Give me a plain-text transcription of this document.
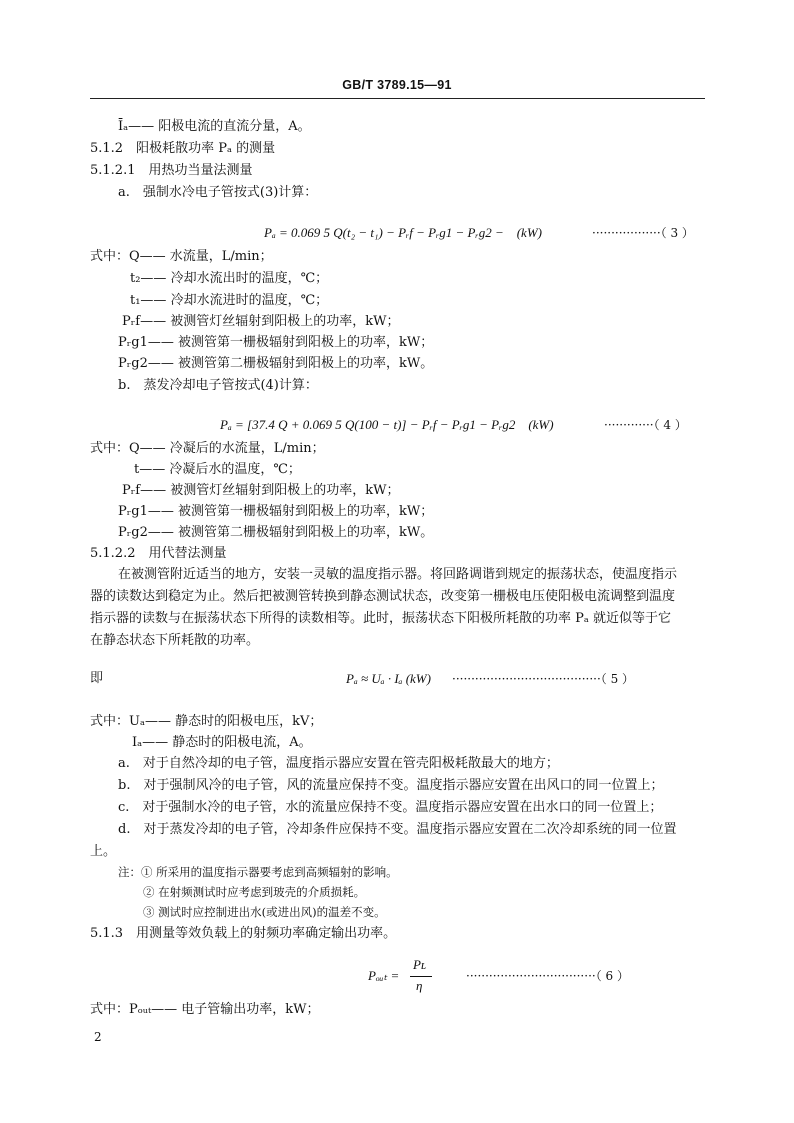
GB/T 3789.15—91
Īₐ—— 阳极电流的直流分量，A。
5.1.2　阳极耗散功率 Pₐ 的测量
5.1.2.1　用热功当量法测量
a.　强制水冷电子管按式(3)计算：
Pₐ = 0.069 5 Q(t₂ − t₁) − Pᵣf − Pᵣg1 − Pᵣg2 −　(kW)	··················（ 3 ）
式中：Q—— 水流量，L/min；
t₂—— 冷却水流出时的温度，℃；
t₁—— 冷却水流进时的温度，℃；
Pᵣf—— 被测管灯丝辐射到阳极上的功率，kW；
Pᵣg1—— 被测管第一栅极辐射到阳极上的功率，kW；
Pᵣg2—— 被测管第二栅极辐射到阳极上的功率，kW。
b.　蒸发冷却电子管按式(4)计算：
Pₐ = [37.4 Q + 0.069 5 Q(100 − t)] − Pᵣf − Pᵣg1 − Pᵣg2　(kW)	·············（ 4 ）
式中：Q—— 冷凝后的水流量，L/min；
t—— 冷凝后水的温度，℃；
Pᵣf—— 被测管灯丝辐射到阳极上的功率，kW；
Pᵣg1—— 被测管第一栅极辐射到阳极上的功率，kW；
Pᵣg2—— 被测管第二栅极辐射到阳极上的功率，kW。
5.1.2.2　用代替法测量
在被测管附近适当的地方，安装一灵敏的温度指示器。将回路调谐到规定的振荡状态，使温度指示
器的读数达到稳定为止。然后把被测管转换到静态测试状态，改变第一栅极电压使阳极电流调整到温度
指示器的读数与在振荡状态下所得的读数相等。此时，振荡状态下阳极所耗散的功率 Pₐ 就近似等于它
在静态状态下所耗散的功率。
即	Pₐ ≈ Uₐ · Iₐ (kW) ·······································（ 5 ）
式中：Uₐ—— 静态时的阳极电压，kV；
Iₐ—— 静态时的阳极电流，A。
a.　对于自然冷却的电子管，温度指示器应安置在管壳阳极耗散最大的地方；
b.　对于强制风冷的电子管，风的流量应保持不变。温度指示器应安置在出风口的同一位置上；
c.　对于强制水冷的电子管，水的流量应保持不变。温度指示器应安置在出水口的同一位置上；
d.　对于蒸发冷却的电子管，冷却条件应保持不变。温度指示器应安置在二次冷却系统的同一位置
上。
注：① 所采用的温度指示器要考虑到高频辐射的影响。
② 在射频测试时应考虑到玻壳的介质损耗。
③ 测试时应控制进出水(或进出风)的温差不变。
5.1.3　用测量等效负载上的射频功率确定输出功率。
Pₒᵤₜ =
Pʟ
η
··································（ 6 ）
式中：Pₒᵤₜ—— 电子管输出功率，kW；
2
